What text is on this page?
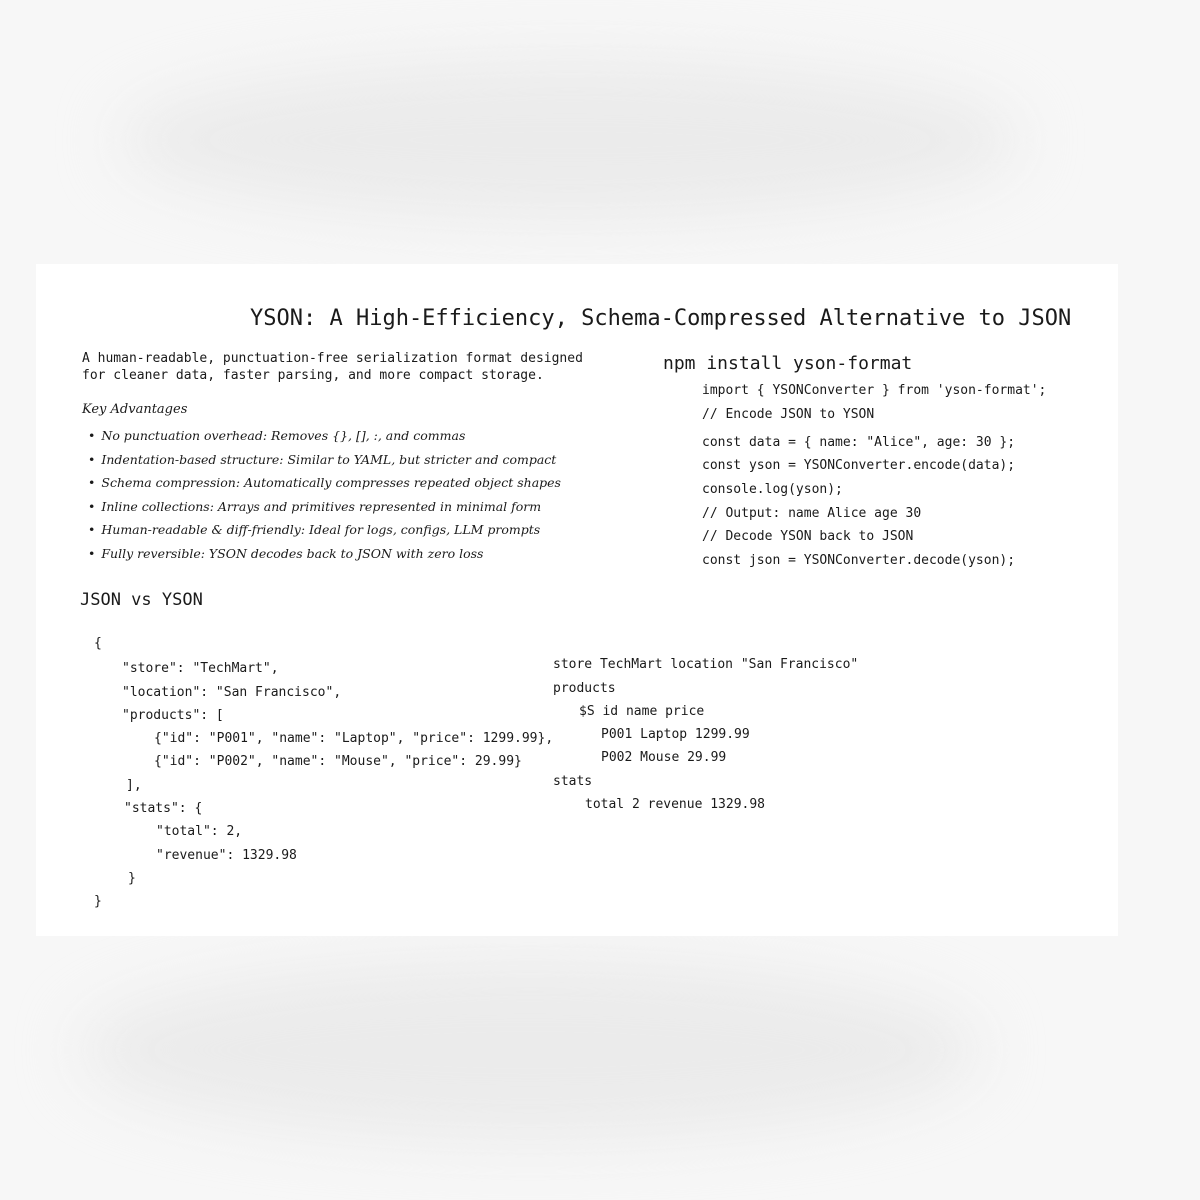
YSON: A High-Efficiency, Schema-Compressed Alternative to JSON

A human-readable, punctuation-free serialization format designed
for cleaner data, faster parsing, and more compact storage.

Key Advantages
• No punctuation overhead: Removes {}, [], :, and commas
• Indentation-based structure: Similar to YAML, but stricter and compact
• Schema compression: Automatically compresses repeated object shapes
• Inline collections: Arrays and primitives represented in minimal form
• Human-readable & diff-friendly: Ideal for logs, configs, LLM prompts
• Fully reversible: YSON decodes back to JSON with zero loss
npm install yson-format
import { YSONConverter } from 'yson-format';
// Encode JSON to YSON
const data = { name: "Alice", age: 30 };
const yson = YSONConverter.encode(data);
console.log(yson);
// Output: name Alice age 30
// Decode YSON back to JSON
const json = YSONConverter.decode(yson);
JSON vs YSON
{
"store": "TechMart",
"location": "San Francisco",
"products": [
{"id": "P001", "name": "Laptop", "price": 1299.99},
{"id": "P002", "name": "Mouse", "price": 29.99}
],
"stats": {
"total": 2,
"revenue": 1329.98
}
}
store TechMart location "San Francisco"
products
$S id name price
P001 Laptop 1299.99
P002 Mouse 29.99
stats
total 2 revenue 1329.98
